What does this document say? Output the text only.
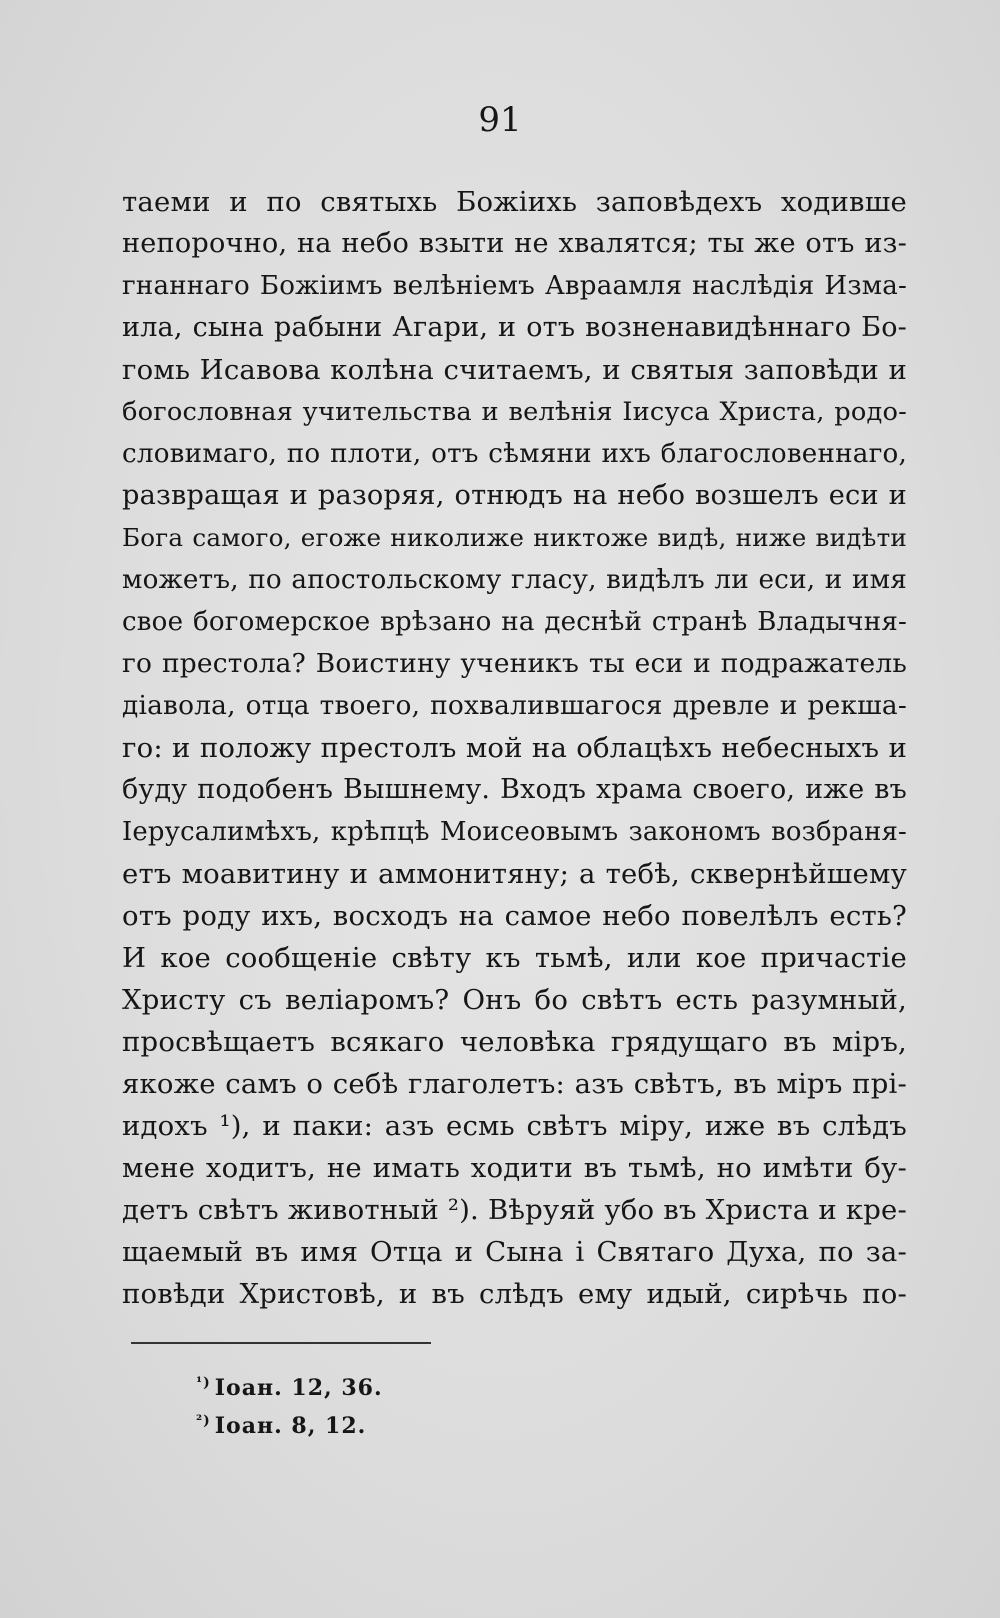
91
таеми и по святыхь Божіихь заповѣдехъ ходивше
непорочно, на небо взыти не хвалятся; ты же отъ из-
гнаннаго Божіимъ велѣніемъ Авраамля наслѣдія Измa-
ила, сына рабыни Агари, и отъ возненавидѣннаго Бо-
гомь Исавова колѣна считаемъ, и святыя заповѣди и
богословная учительства и велѣнія Іисуса Христа, родо-
словимаго, по плоти, отъ сѣмяни ихъ благословеннаго,
развращая и разоряя, отнюдъ на небо возшелъ еси и
Бога самого, егоже николиже никтоже видѣ, ниже видѣти
можетъ, по апостольскому гласу, видѣлъ ли еси, и имя
свое богомерское врѣзано на деснѣй странѣ Владычня-
го престола? Воистину ученикъ ты еси и подражатель
діавола, отца твоего, похвалившагося древле и рекша-
го: и положу престолъ мой на облацѣхъ небесныхъ и
буду подобенъ Вышнему. Входъ храма своего, иже въ
Іерусалимѣхъ, крѣпцѣ Моисеовымъ закономъ возбраня-
етъ моавитину и аммонитяну; а тебѣ, сквернѣйшему
отъ роду ихъ, восходъ на самое небо повелѣлъ есть?
И кое сообщеніе свѣту къ тьмѣ, или кое причастіе
Христу съ веліаромъ? Онъ бо свѣтъ есть разумный,
просвѣщаетъ всякаго человѣка грядущаго въ міръ,
якоже самъ о себѣ глаголетъ: азъ свѣтъ, въ міръ прі-
идохъ ¹), и паки: азъ есмь свѣтъ міру, иже въ слѣдъ
мене ходитъ, не имать ходити въ тьмѣ, но имѣти бу-
детъ свѣтъ животный ²). Вѣруяй убо въ Христа и кре-
щаемый въ имя Отца и Сына і Святаго Духа, по за-
повѣди Христовѣ, и въ слѣдъ ему идый, сирѣчь по-
$^{^1)}$ Іоан. 12, 36.
$^{^2)}$ Іоан. 8, 12.
